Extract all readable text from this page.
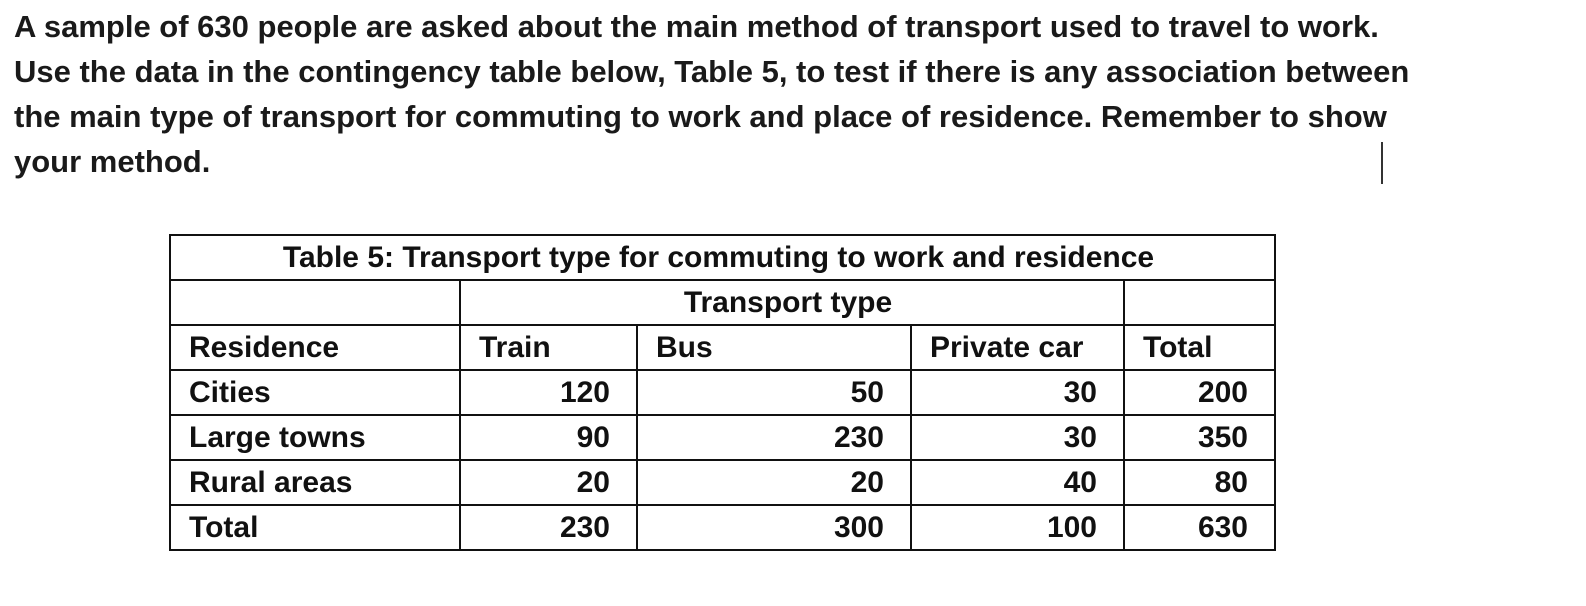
A sample of 630 people are asked about the main method of transport used to travel to work.
Use the data in the contingency table below, Table 5, to test if there is any association between
the main type of transport for commuting to work and place of residence. Remember to show
your method.
Table 5: Transport type for commuting to work and residence				
	Transport type			
Residence	Train	Bus	Private car	Total
Cities	120	50	30	200
Large towns	90	230	30	350
Rural areas	20	20	40	80
Total	230	300	100	630
